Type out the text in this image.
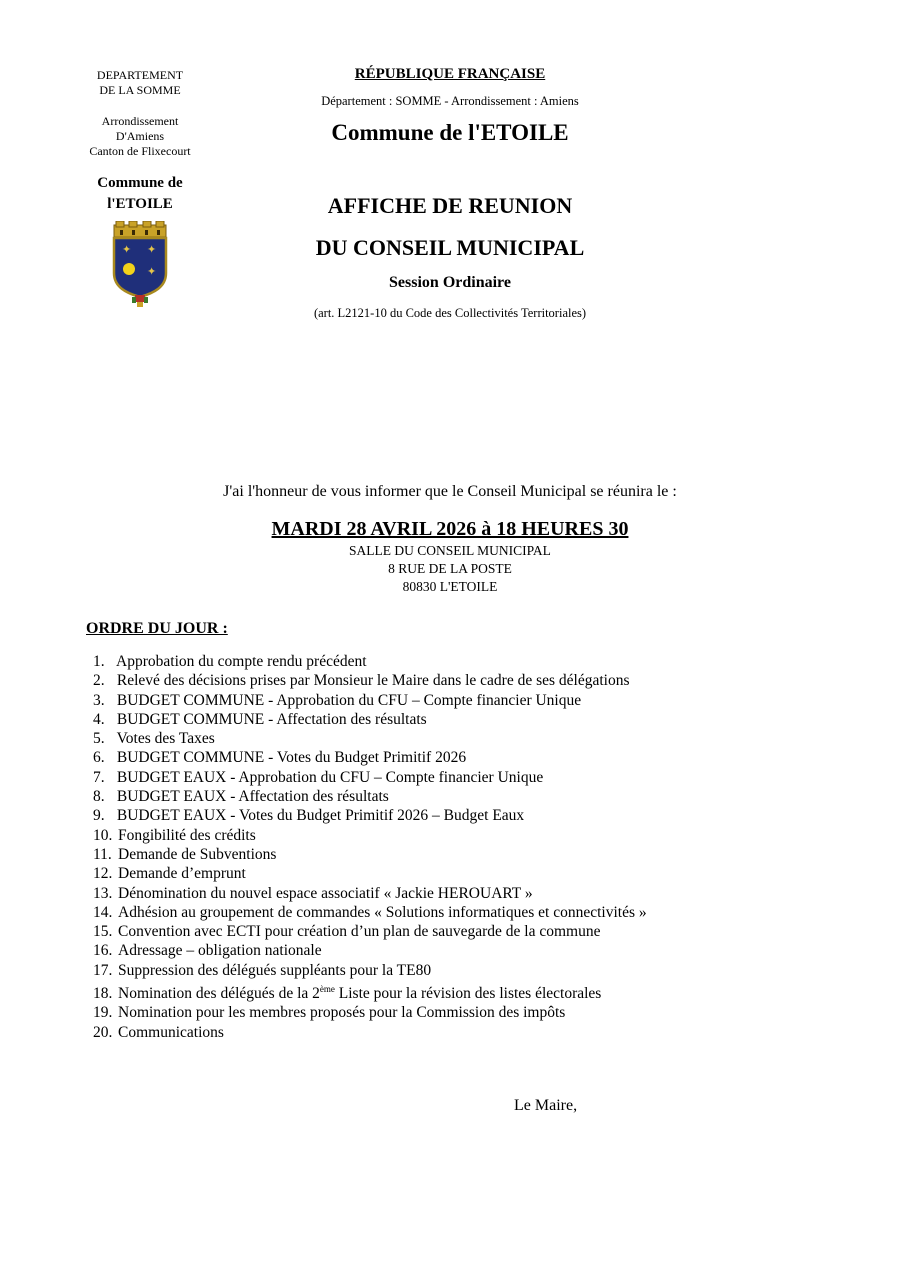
DEPARTEMENT
DE LA SOMME
Arrondissement
D'Amiens
Canton de Flixecourt
Commune de
l'ETOILE
✦ ✦
✦
RÉPUBLIQUE FRANÇAISE
Département : SOMME - Arrondissement : Amiens
Commune de l'ETOILE
AFFICHE DE REUNION
DU CONSEIL MUNICIPAL
Session Ordinaire
(art. L2121-10 du Code des Collectivités Territoriales)
J'ai l'honneur de vous informer que le Conseil Municipal se réunira le :
MARDI 28 AVRIL 2026 à 18 HEURES 30
SALLE DU CONSEIL MUNICIPAL
8 RUE DE LA POSTE
80830 L'ETOILE
ORDRE DU JOUR :
1. Approbation du compte rendu précédent
2. Relevé des décisions prises par Monsieur le Maire dans le cadre de ses délégations
3. BUDGET COMMUNE - Approbation du CFU – Compte financier Unique
4. BUDGET COMMUNE - Affectation des résultats
5. Votes des Taxes
6. BUDGET COMMUNE - Votes du Budget Primitif 2026
7. BUDGET EAUX - Approbation du CFU – Compte financier Unique
8. BUDGET EAUX - Affectation des résultats
9. BUDGET EAUX - Votes du Budget Primitif 2026 – Budget Eaux
10. Fongibilité des crédits
11. Demande de Subventions
12. Demande d’emprunt
13. Dénomination du nouvel espace associatif « Jackie HEROUART »
14. Adhésion au groupement de commandes « Solutions informatiques et connectivités »
15. Convention avec ECTI pour création d’un plan de sauvegarde de la commune
16. Adressage – obligation nationale
17. Suppression des délégués suppléants pour la TE80
18. Nomination des délégués de la 2ème Liste pour la révision des listes électorales
19. Nomination pour les membres proposés pour la Commission des impôts
20. Communications
Le Maire,
